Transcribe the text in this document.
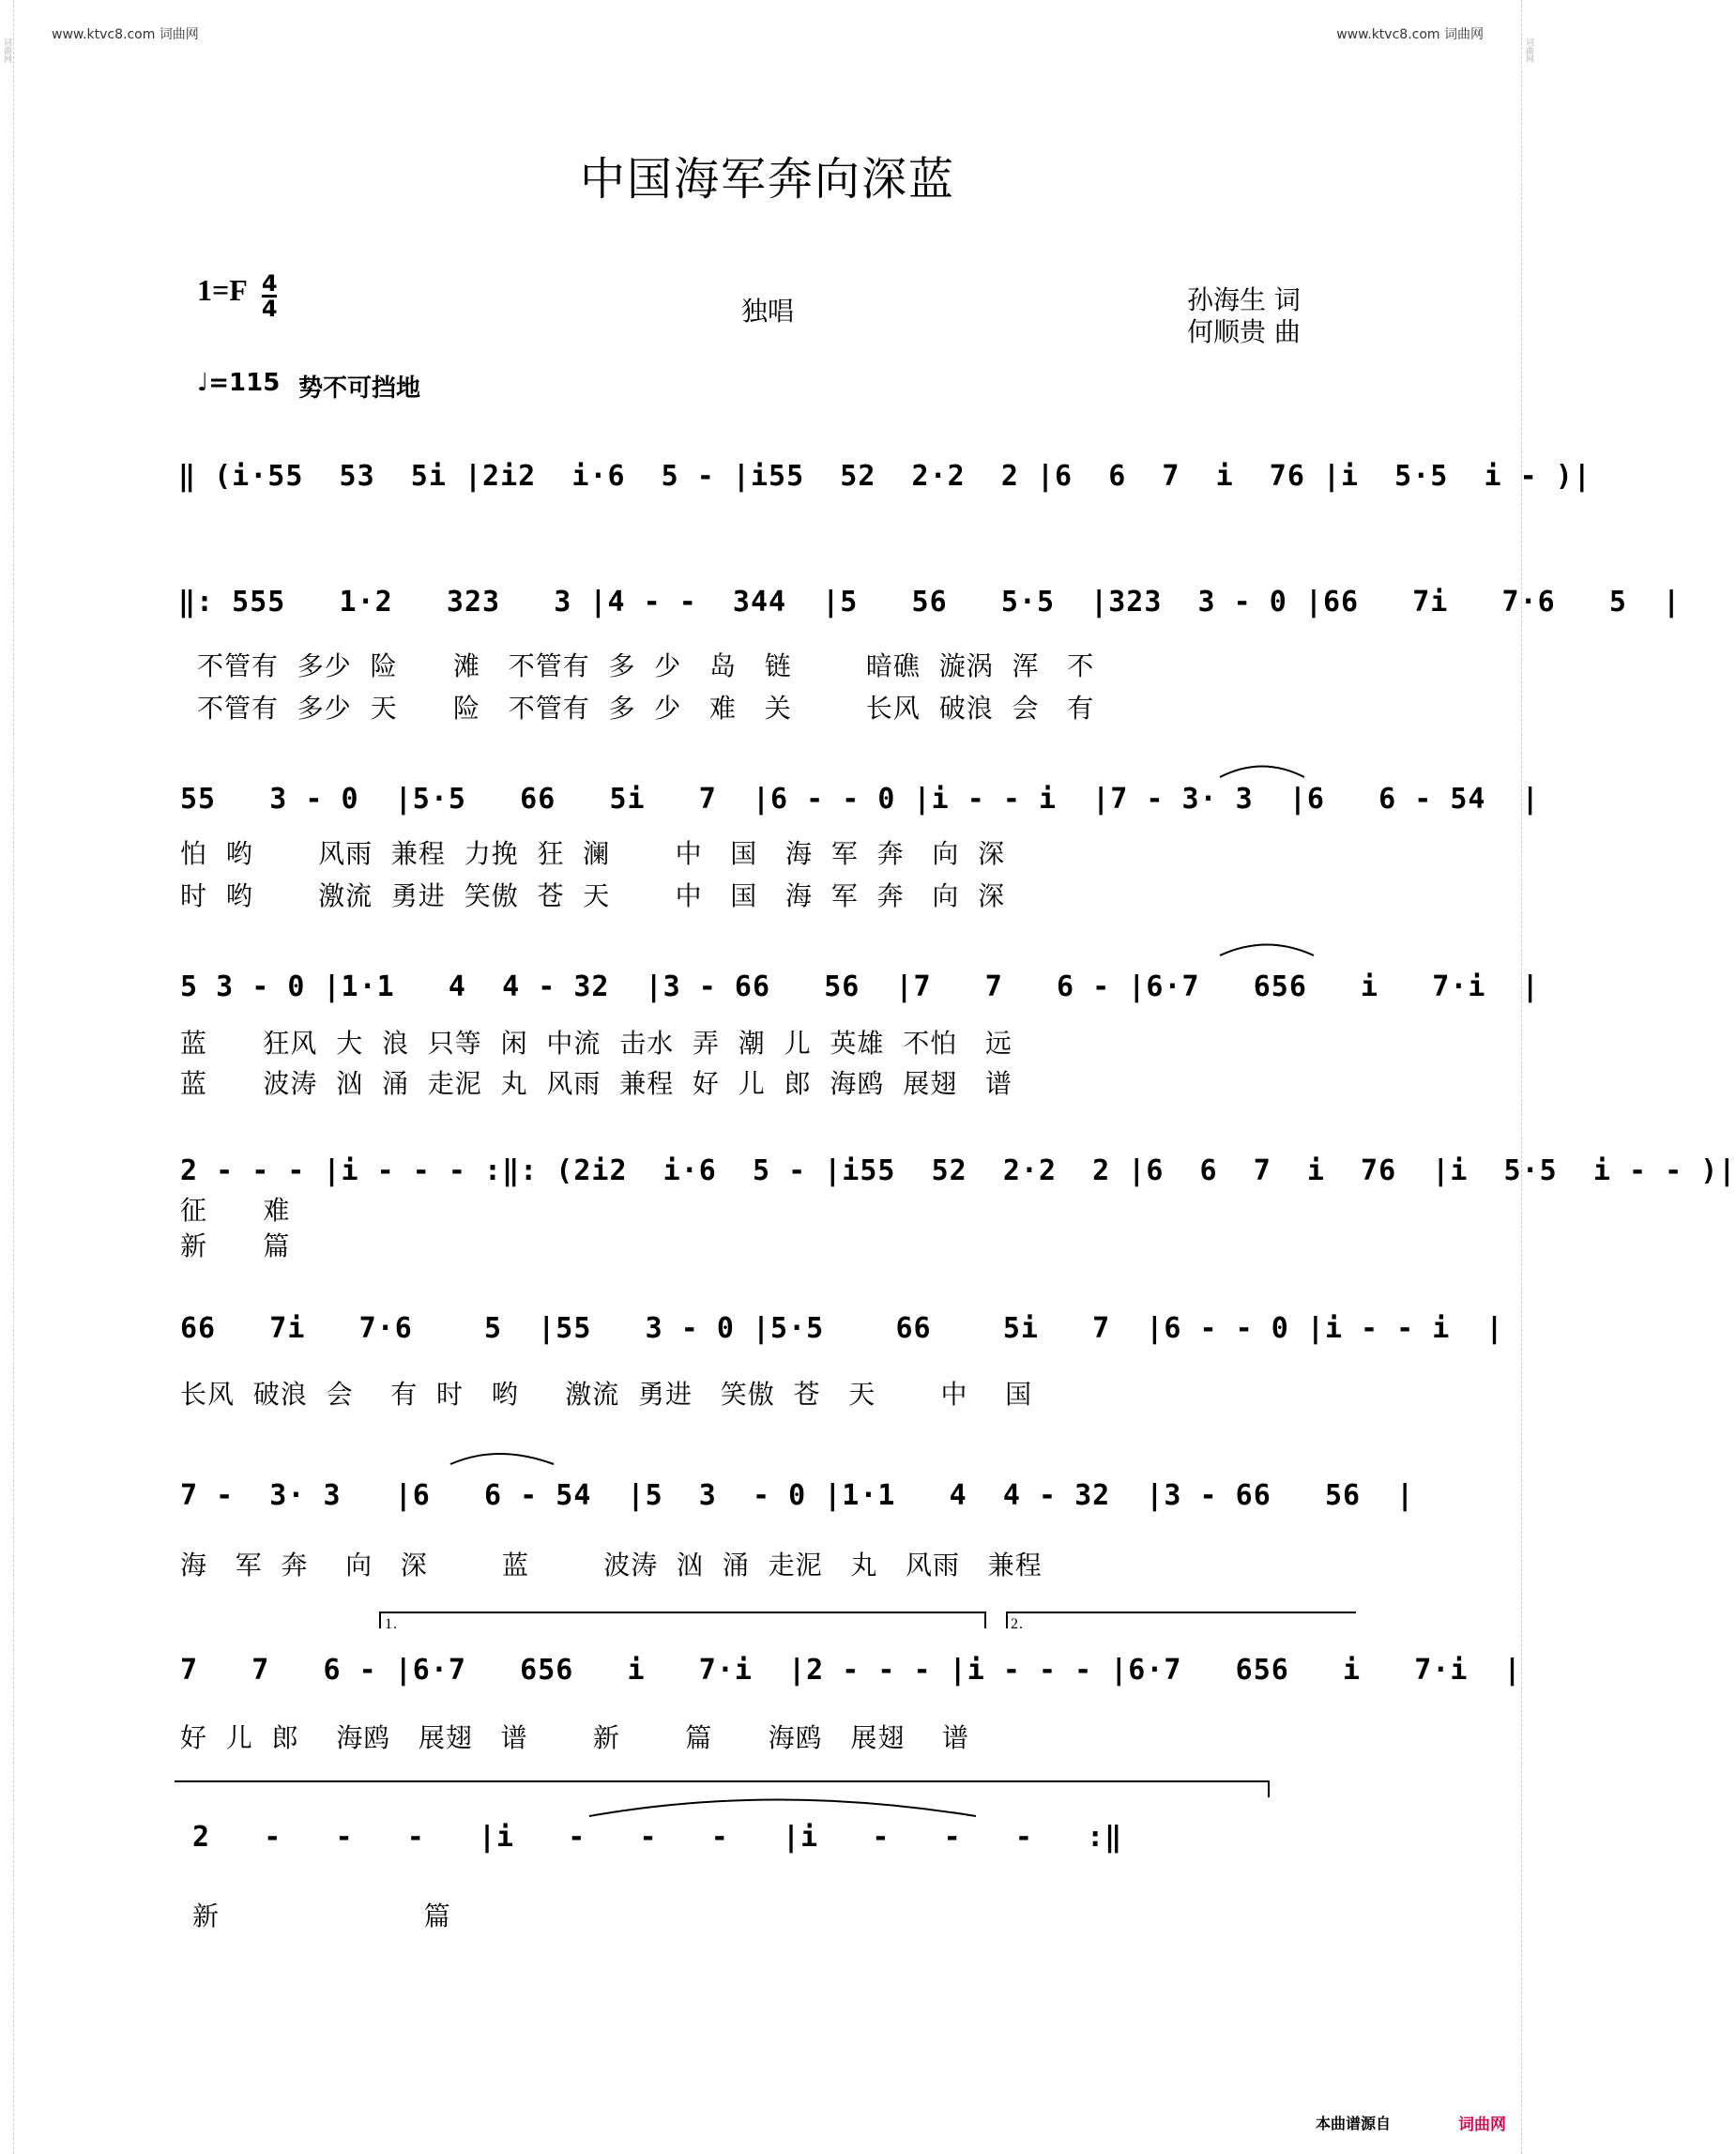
词曲网	词曲网
www.ktvc8.com 词曲网	www.ktvc8.com 词曲网
中国海军奔向深蓝
$1=F \frac{4}{4}$	独唱	孙海生 词
何顺贵 曲
♩=115 势不可挡地
‖ (i·55  53  5i |2i2  i·6  5 - |i55  52  2·2  2 |6  6  7  i  76 |i  5·5  i - )|
‖: 555   1·2   323   3 |4 - -  344  |5   56   5·5  |323  3 - 0 |66   7i   7·6   5  |
不管有  多少  险      滩   不管有  多  少   岛   链        暗礁  漩涡  浑   不
不管有  多少  天      险   不管有  多  少   难   关        长风  破浪  会   有
55   3 - 0  |5·5   66   5i   7  |6 - - 0 |i - - i  |7 - 3· 3  |6   6 - 54  |
怕  哟       风雨  兼程  力挽  狂  澜       中   国   海  军  奔   向  深
时  哟       激流  勇进  笑傲  苍  天       中   国   海  军  奔   向  深
5 3 - 0 |1·1   4  4 - 32  |3 - 66   56  |7   7   6 - |6·7   656   i   7·i  |
蓝      狂风  大  浪  只等  闲  中流  击水  弄  潮  儿  英雄  不怕   远
蓝      波涛  汹  涌  走泥  丸  风雨  兼程  好  儿  郎  海鸥  展翅   谱
2 - - - |i - - - :‖: (2i2  i·6  5 - |i55  52  2·2  2 |6  6  7  i  76  |i  5·5  i - - )|
征      难
新      篇
66   7i   7·6    5  |55   3 - 0 |5·5    66    5i   7  |6 - - 0 |i - - i  |
长风  破浪  会    有  时   哟     激流  勇进   笑傲  苍   天       中    国
7 -  3· 3   |6   6 - 54  |5  3  - 0 |1·1   4  4 - 32  |3 - 66   56  |
海   军  奔    向   深        蓝        波涛  汹  涌  走泥   丸   风雨   兼程
1.	2.
7   7   6 - |6·7   656   i   7·i  |2 - - - |i - - - |6·7   656   i   7·i  |
好  儿  郎    海鸥   展翅   谱       新       篇      海鸥   展翅    谱
2   -   -   -   |i   -   -   -   |i   -   -   -   :‖
新                      篇
本曲谱源自	词曲网
